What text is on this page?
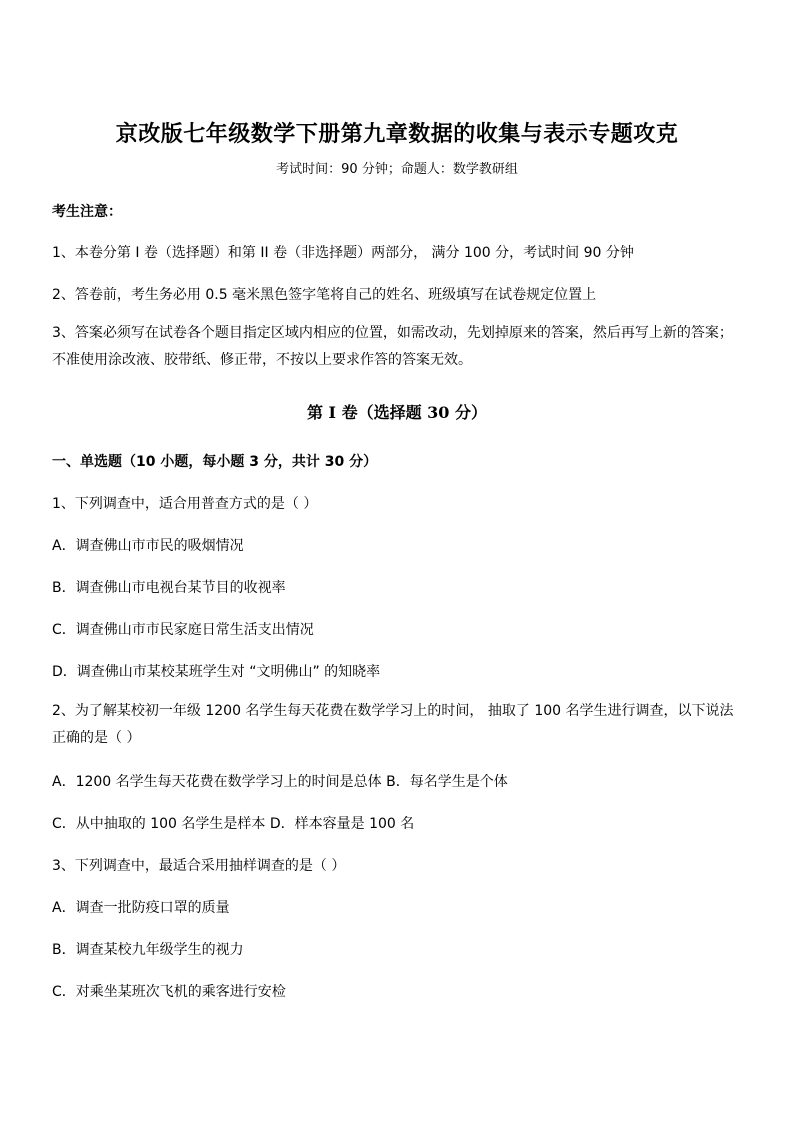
京改版七年级数学下册第九章数据的收集与表示专题攻克
考试时间：90 分钟；命题人：数学教研组
考生注意：
1、本卷分第 I 卷（选择题）和第 II 卷（非选择题）两部分， 满分 100 分，考试时间 90 分钟
2、答卷前，考生务必用 0.5 毫米黑色签字笔将自己的姓名、班级填写在试卷规定位置上
3、答案必须写在试卷各个题目指定区域内相应的位置，如需改动，先划掉原来的答案，然后再写上新的答案；不准使用涂改液、胶带纸、修正带，不按以上要求作答的答案无效。
第 I 卷（选择题 30 分）
一、单选题（10 小题，每小题 3 分，共计 30 分）
1、下列调查中，适合用普查方式的是（ ）
A．调查佛山市市民的吸烟情况
B．调查佛山市电视台某节目的收视率
C．调查佛山市市民家庭日常生活支出情况
D．调查佛山市某校某班学生对 “文明佛山” 的知晓率
2、为了解某校初一年级 1200 名学生每天花费在数学学习上的时间， 抽取了 100 名学生进行调查，以下说法正确的是（ ）
A．1200 名学生每天花费在数学学习上的时间是总体 B．每名学生是个体
C．从中抽取的 100 名学生是样本 D．样本容量是 100 名
3、下列调查中，最适合采用抽样调查的是（ ）
A．调查一批防疫口罩的质量
B．调查某校九年级学生的视力
C．对乘坐某班次飞机的乘客进行安检
